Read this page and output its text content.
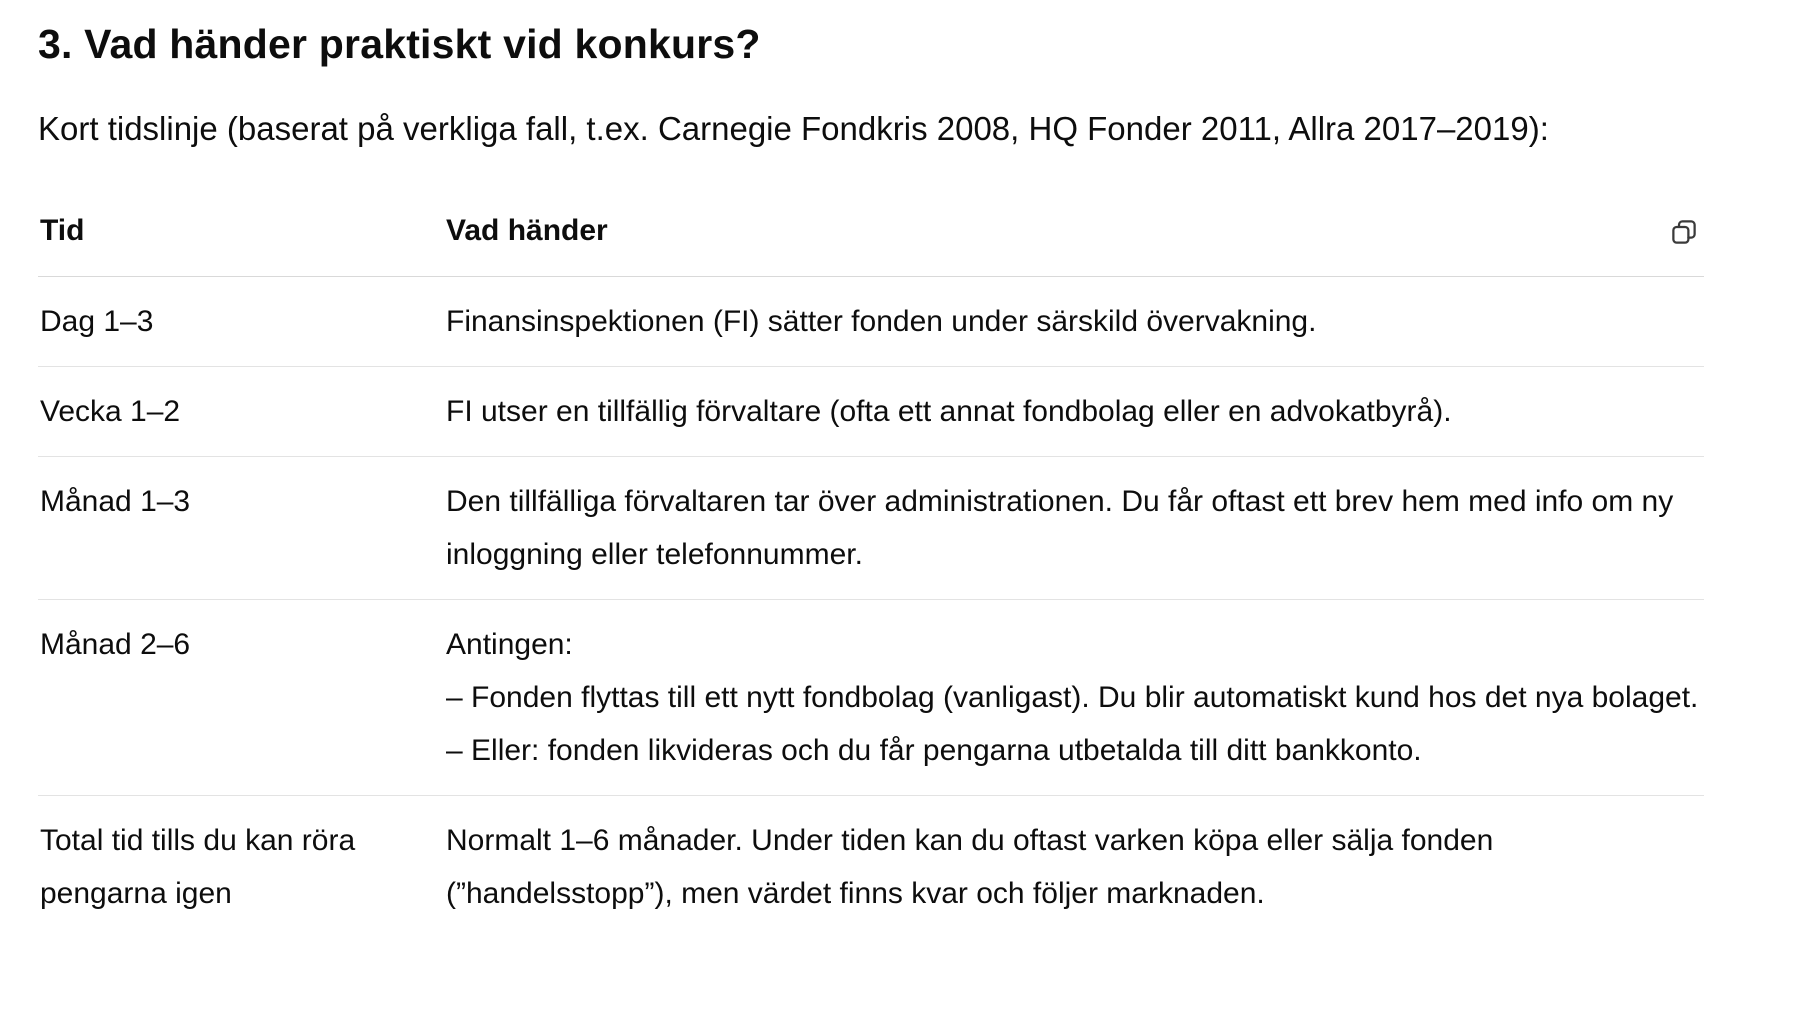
3. Vad händer praktiskt vid konkurs?

Kort tidslinje (baserat på verkliga fall, t.ex. Carnegie Fondkris 2008, HQ Fonder 2011, Allra 2017–2019):

Tid	Vad händer
Dag 1–3	Finansinspektionen (FI) sätter fonden under särskild övervakning.

Vecka 1–2	FI utser en tillfällig förvaltare (ofta ett annat fondbolag eller en advokatbyrå).

Månad 1–3	Den tillfälliga förvaltaren tar över administrationen. Du får oftast ett brev hem med info om ny inloggning eller telefonnummer.

Månad 2–6	Antingen:
– Fonden flyttas till ett nytt fondbolag (vanligast). Du blir automatiskt kund hos det nya bolaget.
– Eller: fonden likvideras och du får pengarna utbetalda till ditt bankkonto.

Total tid tills du kan röra pengarna igen	Normalt 1–6 månader. Under tiden kan du oftast varken köpa eller sälja fonden (”handelsstopp”), men värdet finns kvar och följer marknaden.
